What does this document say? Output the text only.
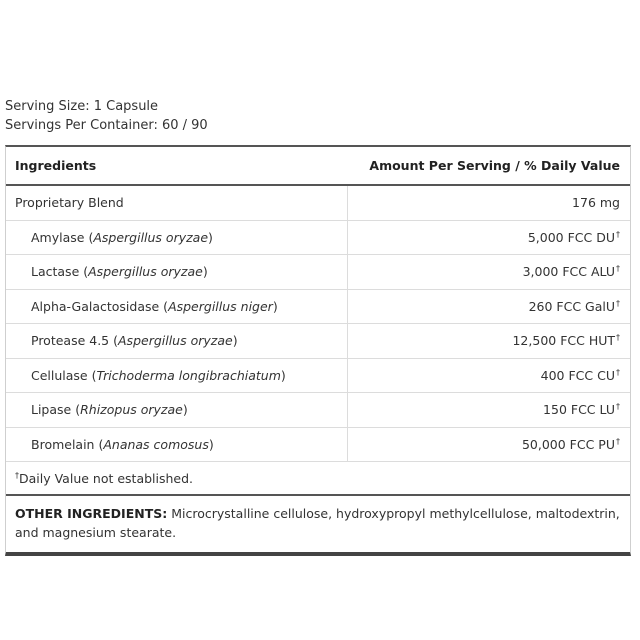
Serving Size: 1 Capsule
Servings Per Container: 60 / 90
Ingredients	Amount Per Serving / % Daily Value
Proprietary Blend	176 mg
Amylase ( Aspergillus oryzae )	5,000 FCC DU†
Lactase ( Aspergillus oryzae )	3,000 FCC ALU†
Alpha-Galactosidase ( Aspergillus niger )	260 FCC GalU†
Protease 4.5 ( Aspergillus oryzae )	12,500 FCC HUT†
Cellulase ( Trichoderma longibrachiatum )	400 FCC CU†
Lipase ( Rhizopus oryzae )	150 FCC LU†
Bromelain ( Ananas comosus )	50,000 FCC PU†
† Daily Value not established.
OTHER INGREDIENTS: Microcrystalline cellulose, hydroxypropyl methylcellulose, maltodextrin, and magnesium stearate.
